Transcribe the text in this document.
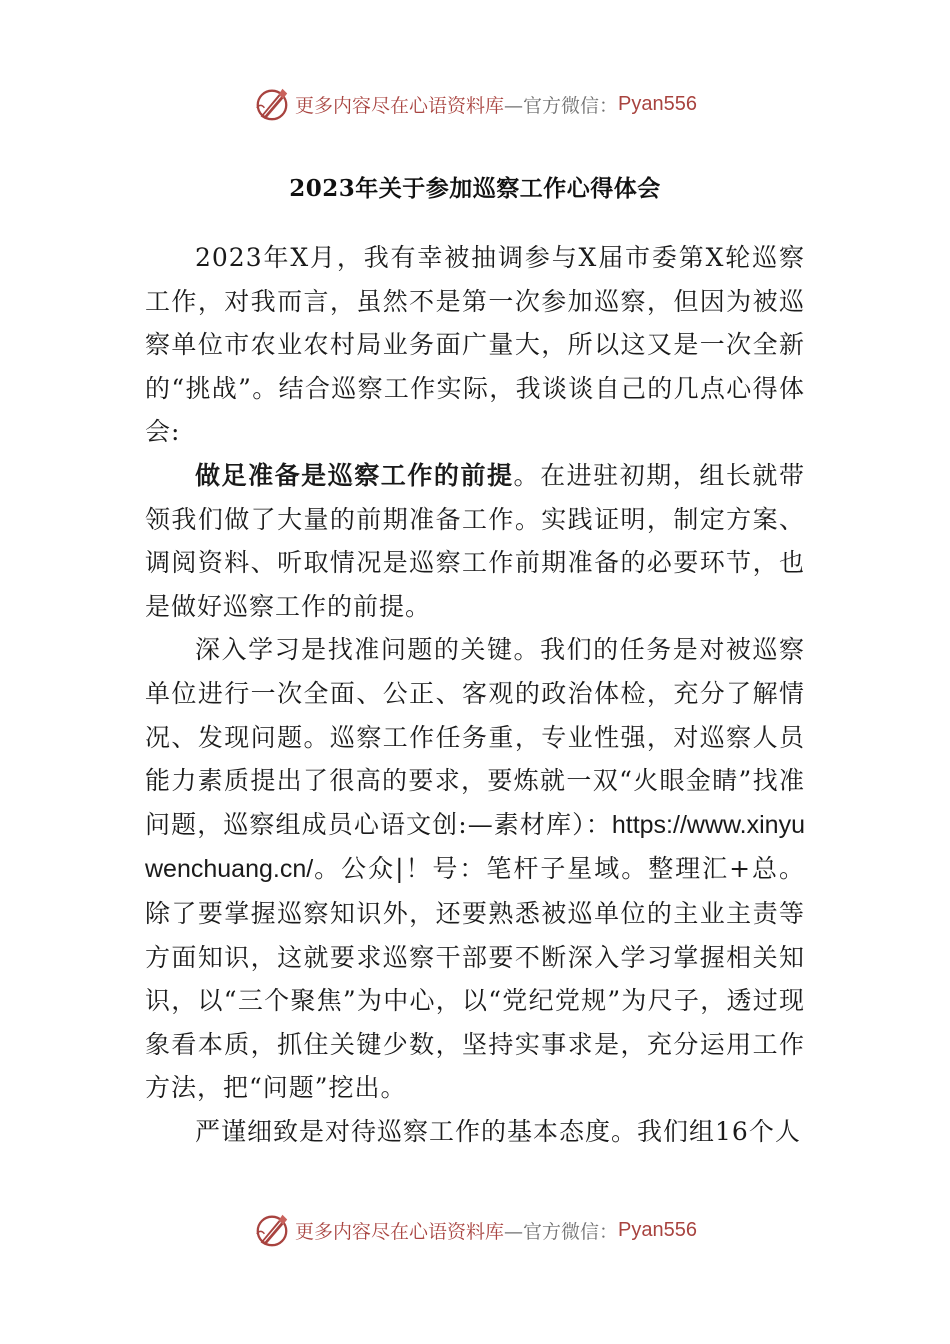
更多内容尽在心语资料库 —官方微信： Pyan556
2023年关于参加巡察工作心得体会

2023年X月，我有幸被抽调参与X届市委第X轮巡察工作，对我而言，虽然不是第一次参加巡察，但因为被巡察单位市农业农村局业务面广量大，所以这又是一次全新的“挑战”。结合巡察工作实际，我谈谈自己的几点心得体会:

做足准备是巡察工作的前提。在进驻初期，组长就带领我们做了大量的前期准备工作。实践证明，制定方案、调阅资料、听取情况是巡察工作前期准备的必要环节，也是做好巡察工作的前提。

深入学习是找准问题的关键。我们的任务是对被巡察单位进行一次全面、公正、客观的政治体检，充分了解情况、发现问题。巡察工作任务重，专业性强，对巡察人员能力素质提出了很高的要求，要炼就一双“火眼金睛”找准问题，巡察组成员心语文创:—素材库）：https://www.xinyuwenchuang.cn/。公众|！号：笔杆子星域。整理汇+总。除了要掌握巡察知识外，还要熟悉被巡单位的主业主责等方面知识，这就要求巡察干部要不断深入学习掌握相关知识，以“三个聚焦”为中心，以“党纪党规”为尺子，透过现象看本质，抓住关键少数，坚持实事求是，充分运用工作方法，把“问题”挖出。

严谨细致是对待巡察工作的基本态度。我们组16个人

更多内容尽在心语资料库 —官方微信： Pyan556
